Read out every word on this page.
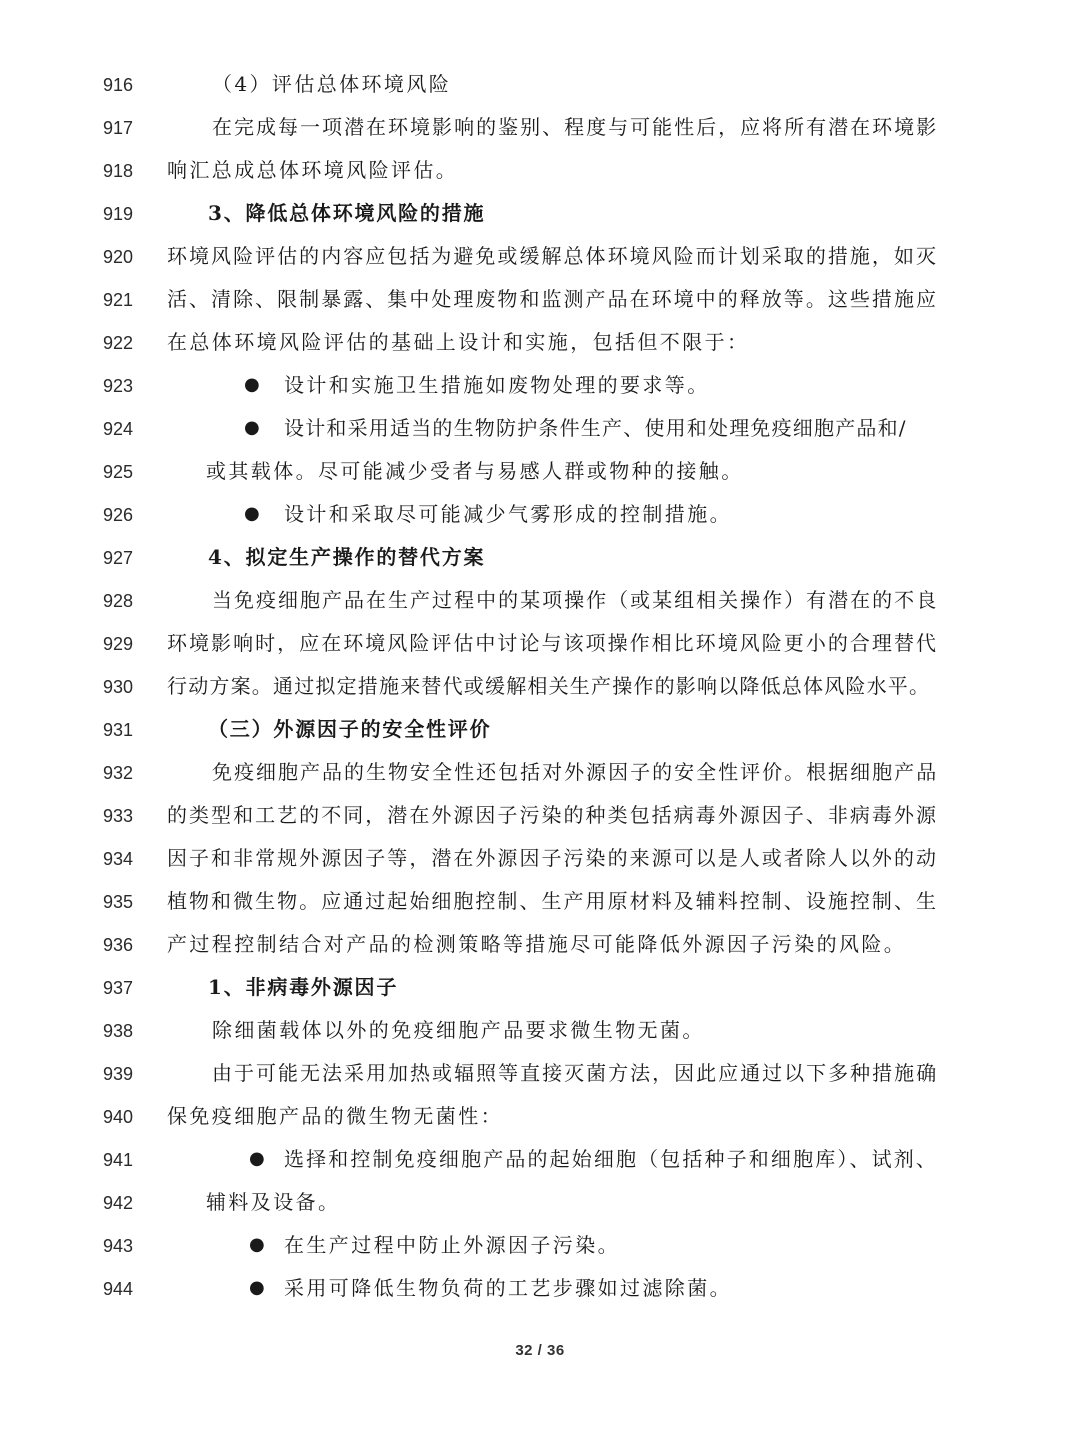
916	（4）评估总体环境风险
917	在完成每一项潜在环境影响的鉴别、程度与可能性后，应将所有潜在环境影
918 响汇总成总体环境风险评估。
919	3、降低总体环境风险的措施
920 环境风险评估的内容应包括为避免或缓解总体环境风险而计划采取的措施，如灭
921 活、清除、限制暴露、集中处理废物和监测产品在环境中的释放等。这些措施应
922 在总体环境风险评估的基础上设计和实施，包括但不限于：
923	● 设计和实施卫生措施如废物处理的要求等。
924	● 设计和采用适当的生物防护条件生产、使用和处理免疫细胞产品和/
925	或其载体。尽可能减少受者与易感人群或物种的接触。
926	● 设计和采取尽可能减少气雾形成的控制措施。
927	4、拟定生产操作的替代方案
928	当免疫细胞产品在生产过程中的某项操作（或某组相关操作）有潜在的不良
929 环境影响时，应在环境风险评估中讨论与该项操作相比环境风险更小的合理替代
930 行动方案。通过拟定措施来替代或缓解相关生产操作的影响以降低总体风险水平。
931	（三）外源因子的安全性评价
932	免疫细胞产品的生物安全性还包括对外源因子的安全性评价。根据细胞产品
933 的类型和工艺的不同，潜在外源因子污染的种类包括病毒外源因子、非病毒外源
934 因子和非常规外源因子等，潜在外源因子污染的来源可以是人或者除人以外的动
935 植物和微生物。应通过起始细胞控制、生产用原材料及辅料控制、设施控制、生
936 产过程控制结合对产品的检测策略等措施尽可能降低外源因子污染的风险。
937	1、非病毒外源因子
938	除细菌载体以外的免疫细胞产品要求微生物无菌。
939	由于可能无法采用加热或辐照等直接灭菌方法，因此应通过以下多种措施确
940 保免疫细胞产品的微生物无菌性：
941	● 选择和控制免疫细胞产品的起始细胞（包括种子和细胞库）、试剂、
942	辅料及设备。
943	● 在生产过程中防止外源因子污染。
944	● 采用可降低生物负荷的工艺步骤如过滤除菌。
32 / 36
